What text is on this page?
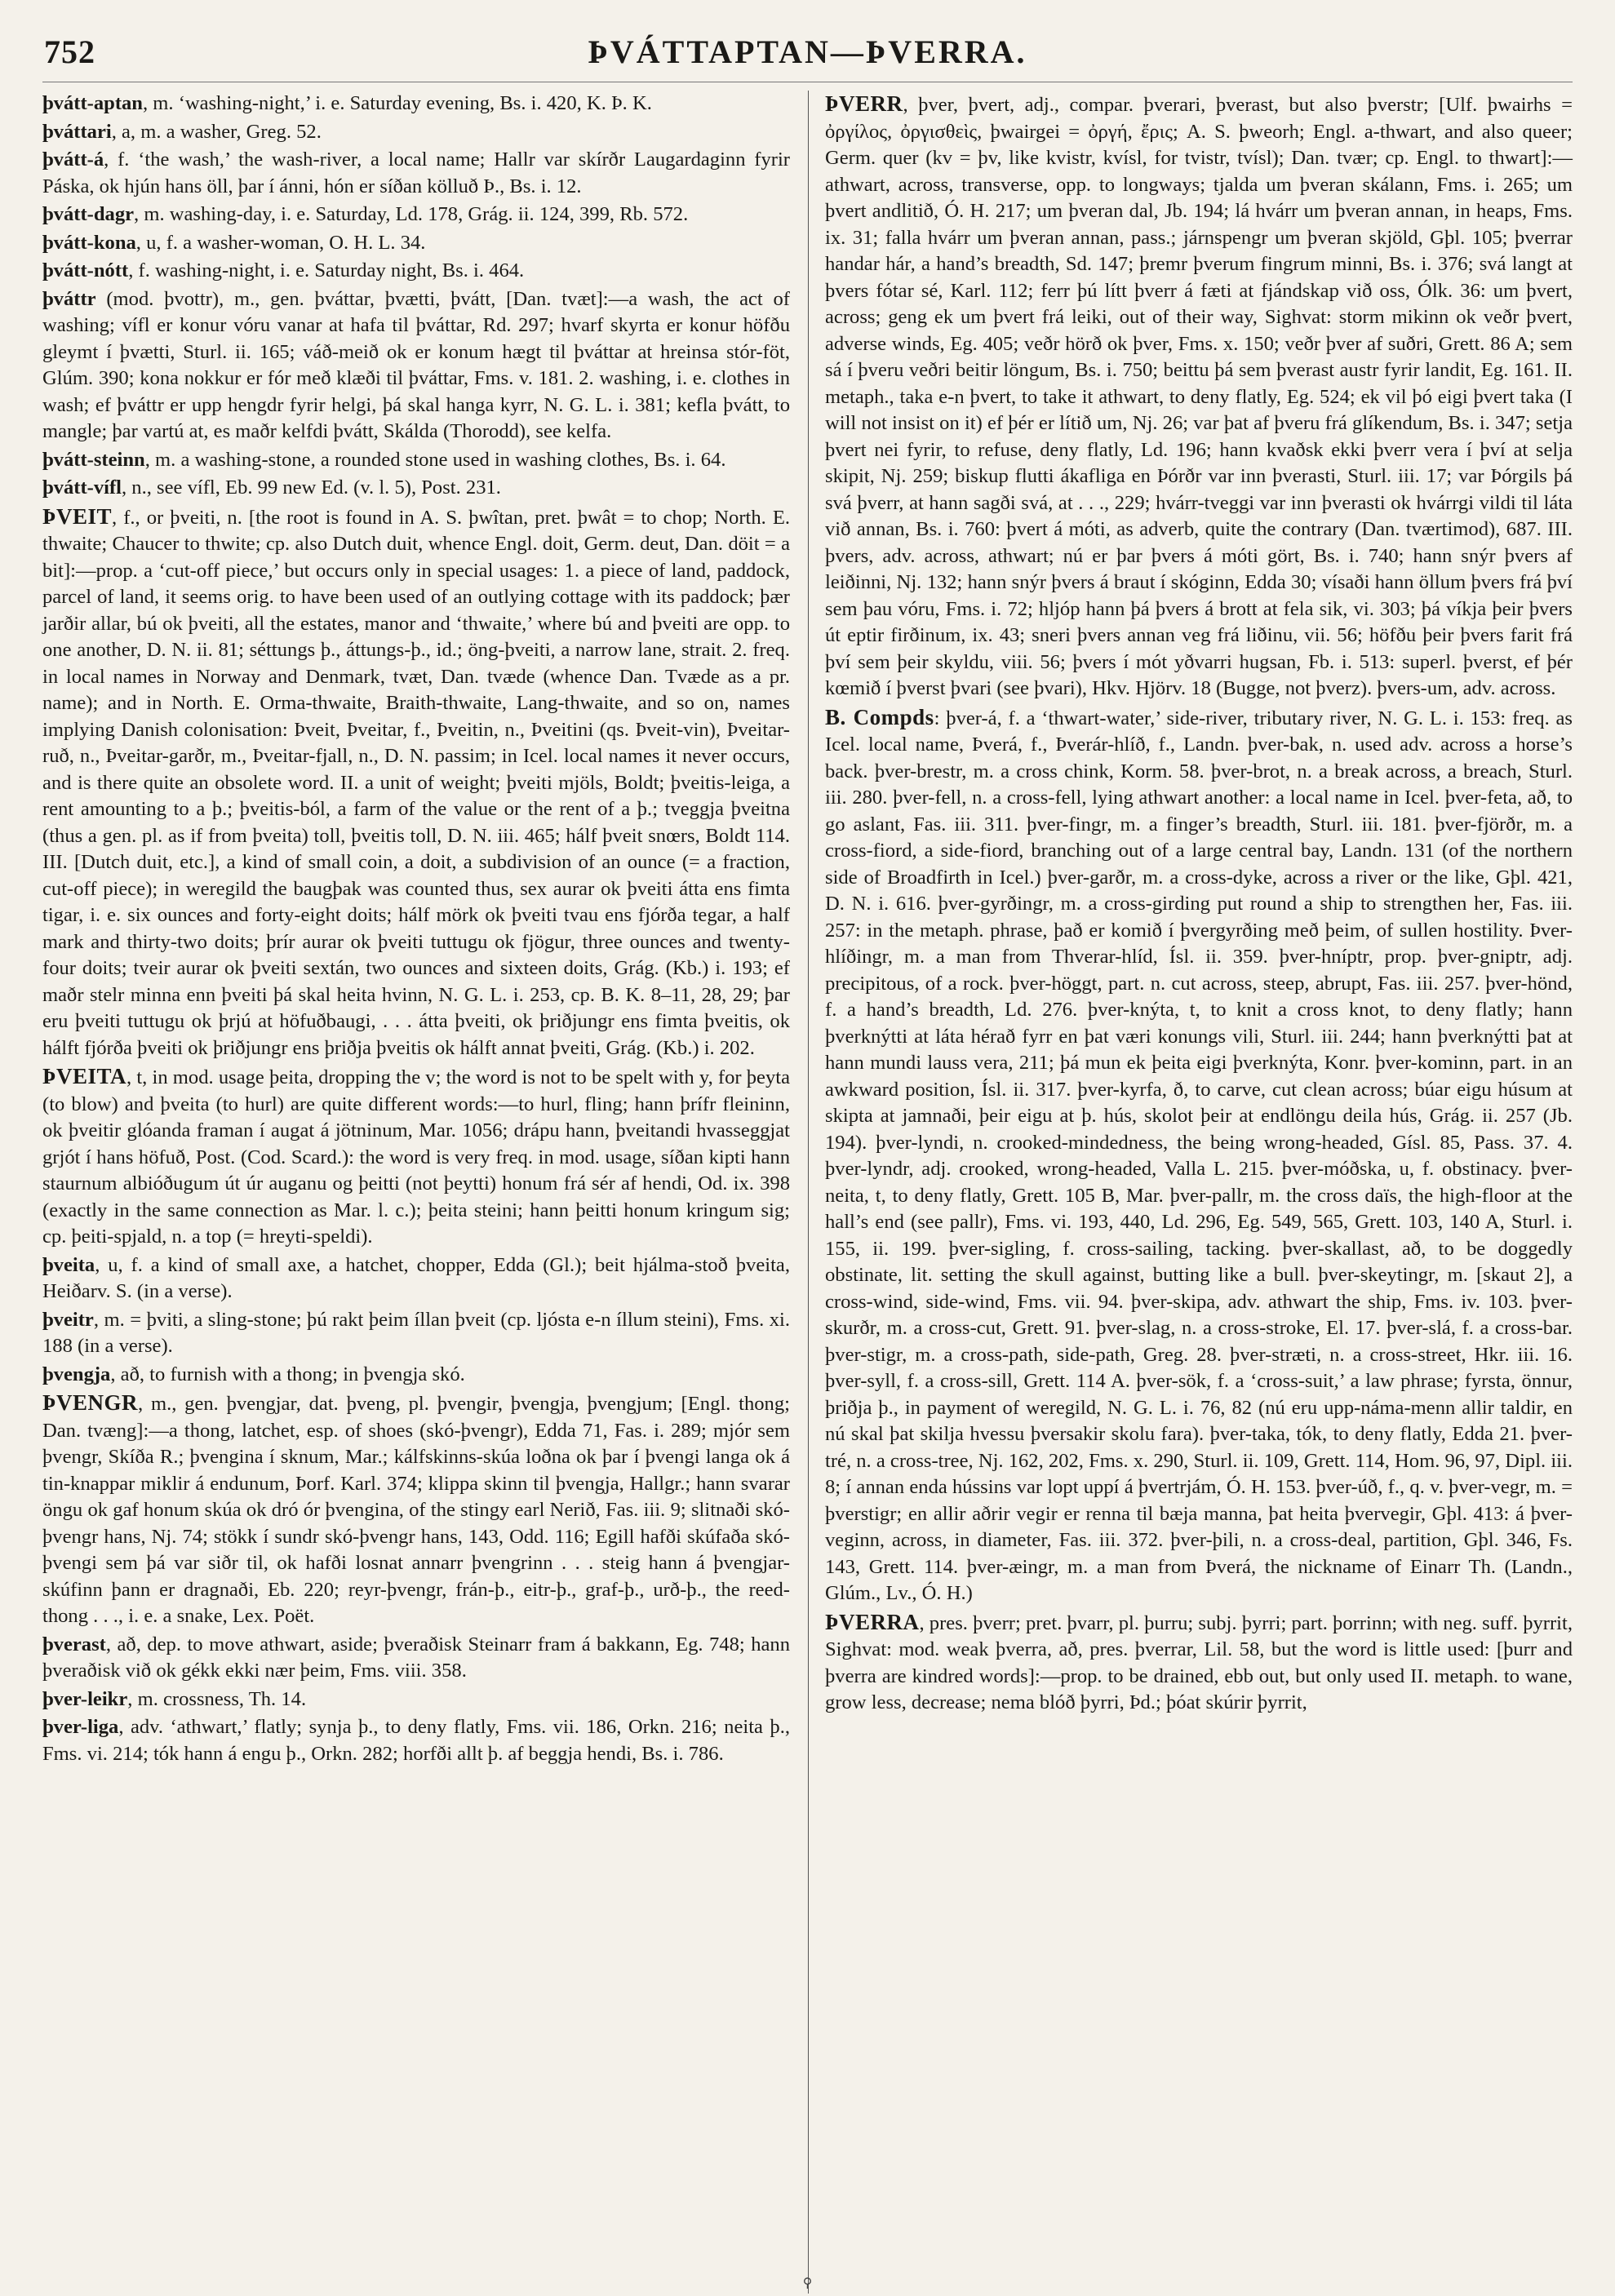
752	ÞVÁTTAPTAN—ÞVERRA.
þvátt-aptan, m. ‘washing-night,’ i. e. Saturday evening, Bs. i. 420, K. Þ. K.
þváttari, a, m. a washer, Greg. 52.
þvátt-á, f. ‘the wash,’ the wash-river, a local name; Hallr var skírðr Laugardaginn fyrir Páska, ok hjún hans öll, þar í ánni, hón er síðan kölluð Þ., Bs. i. 12.
þvátt-dagr, m. washing-day, i. e. Saturday, Ld. 178, Grág. ii. 124, 399, Rb. 572.
þvátt-kona, u, f. a washer-woman, O. H. L. 34.
þvátt-nótt, f. washing-night, i. e. Saturday night, Bs. i. 464.
þváttr (mod. þvottr), m., gen. þváttar, þvætti, þvátt, [Dan. tvæt]:—a wash, the act of washing; vífl er konur vóru vanar at hafa til þváttar, Rd. 297; hvarf skyrta er konur höfðu gleymt í þvætti, Sturl. ii. 165; váð-meið ok er konum hægt til þváttar at hreinsa stór-föt, Glúm. 390; kona nokkur er fór með klæði til þváttar, Fms. v. 181. 2. washing, i. e. clothes in wash; ef þváttr er upp hengdr fyrir helgi, þá skal hanga kyrr, N. G. L. i. 381; kefla þvátt, to mangle; þar vartú at, es maðr kelfdi þvátt, Skálda (Thorodd), see kelfa.
þvátt-steinn, m. a washing-stone, a rounded stone used in washing clothes, Bs. i. 64.
þvátt-vífl, n., see vífl, Eb. 99 new Ed. (v. l. 5), Post. 231.
ÞVEIT, f., or þveiti, n. [the root is found in A. S. þwîtan, pret. þwât = to chop; North. E. thwaite; Chaucer to thwite; cp. also Dutch duit, whence Engl. doit, Germ. deut, Dan. döit = a bit]:—prop. a ‘cut-off piece,’ but occurs only in special usages: 1. a piece of land, paddock, parcel of land, it seems orig. to have been used of an outlying cottage with its paddock; þær jarðir allar, bú ok þveiti, all the estates, manor and ‘thwaite,’ where bú and þveiti are opp. to one another, D. N. ii. 81; séttungs þ., áttungs-þ., id.; öng-þveiti, a narrow lane, strait. 2. freq. in local names in Norway and Denmark, tvæt, Dan. tvæde (whence Dan. Tvæde as a pr. name); and in North. E. Orma-thwaite, Braith-thwaite, Lang-thwaite, and so on, names implying Danish colonisation: Þveit, Þveitar, f., Þveitin, n., Þveitini (qs. Þveit-vin), Þveitar-ruð, n., Þveitar-garðr, m., Þveitar-fjall, n., D. N. passim; in Icel. local names it never occurs, and is there quite an obsolete word. II. a unit of weight; þveiti mjöls, Boldt; þveitis-leiga, a rent amounting to a þ.; þveitis-ból, a farm of the value or the rent of a þ.; tveggja þveitna (thus a gen. pl. as if from þveita) toll, þveitis toll, D. N. iii. 465; hálf þveit snœrs, Boldt 114. III. [Dutch duit, etc.], a kind of small coin, a doit, a subdivision of an ounce (= a fraction, cut-off piece); in weregild the baugþak was counted thus, sex aurar ok þveiti átta ens fimta tigar, i. e. six ounces and forty-eight doits; hálf mörk ok þveiti tvau ens fjórða tegar, a half mark and thirty-two doits; þrír aurar ok þveiti tuttugu ok fjögur, three ounces and twenty-four doits; tveir aurar ok þveiti sextán, two ounces and sixteen doits, Grág. (Kb.) i. 193; ef maðr stelr minna enn þveiti þá skal heita hvinn, N. G. L. i. 253, cp. B. K. 8–11, 28, 29; þar eru þveiti tuttugu ok þrjú at höfuðbaugi, . . . átta þveiti, ok þriðjungr ens fimta þveitis, ok hálft fjórða þveiti ok þriðjungr ens þriðja þveitis ok hálft annat þveiti, Grág. (Kb.) i. 202.
ÞVEITA, t, in mod. usage þeita, dropping the v; the word is not to be spelt with y, for þeyta (to blow) and þveita (to hurl) are quite different words:—to hurl, fling; hann þrífr fleininn, ok þveitir glóanda framan í augat á jötninum, Mar. 1056; drápu hann, þveitandi hvasseggjat grjót í hans höfuð, Post. (Cod. Scard.): the word is very freq. in mod. usage, síðan kipti hann staurnum albióðugum út úr auganu og þeitti (not þeytti) honum frá sér af hendi, Od. ix. 398 (exactly in the same connection as Mar. l. c.); þeita steini; hann þeitti honum kringum sig; cp. þeiti-spjald, n. a top (= hreyti-speldi).
þveita, u, f. a kind of small axe, a hatchet, chopper, Edda (Gl.); beit hjálma-stoð þveita, Heiðarv. S. (in a verse).
þveitr, m. = þviti, a sling-stone; þú rakt þeim íllan þveit (cp. ljósta e-n íllum steini), Fms. xi. 188 (in a verse).
þvengja, að, to furnish with a thong; in þvengja skó.
ÞVENGR, m., gen. þvengjar, dat. þveng, pl. þvengir, þvengja, þvengjum; [Engl. thong; Dan. tvæng]:—a thong, latchet, esp. of shoes (skó-þvengr), Edda 71, Fas. i. 289; mjór sem þvengr, Skíða R.; þvengina í sknum, Mar.; kálfskinns-skúa loðna ok þar í þvengi langa ok á tin-knappar miklir á endunum, Þorf. Karl. 374; klippa skinn til þvengja, Hallgr.; hann svarar öngu ok gaf honum skúa ok dró ór þvengina, of the stingy earl Nerið, Fas. iii. 9; slitnaði skó-þvengr hans, Nj. 74; stökk í sundr skó-þvengr hans, 143, Odd. 116; Egill hafði skúfaða skó-þvengi sem þá var siðr til, ok hafði losnat annarr þvengrinn . . . steig hann á þvengjar-skúfinn þann er dragnaði, Eb. 220; reyr-þvengr, frán-þ., eitr-þ., graf-þ., urð-þ., the reed-thong . . ., i. e. a snake, Lex. Poët.
þverast, að, dep. to move athwart, aside; þveraðisk Steinarr fram á bakkann, Eg. 748; hann þveraðisk við ok gékk ekki nær þeim, Fms. viii. 358.
þver-leikr, m. crossness, Th. 14.
þver-liga, adv. ‘athwart,’ flatly; synja þ., to deny flatly, Fms. vii. 186, Orkn. 216; neita þ., Fms. vi. 214; tók hann á engu þ., Orkn. 282; horfði allt þ. af beggja hendi, Bs. i. 786.
⚲
ÞVERR, þver, þvert, adj., compar. þverari, þverast, but also þverstr; [Ulf. þwairhs = ὀργίλος, ὀργισθεὶς, þwairgei = ὀργή, ἔρις; A. S. þweorh; Engl. a-thwart, and also queer; Germ. quer (kv = þv, like kvistr, kvísl, for tvistr, tvísl); Dan. tvær; cp. Engl. to thwart]:—athwart, across, transverse, opp. to longways; tjalda um þveran skálann, Fms. i. 265; um þvert andlitið, Ó. H. 217; um þveran dal, Jb. 194; lá hvárr um þveran annan, in heaps, Fms. ix. 31; falla hvárr um þveran annan, pass.; járnspengr um þveran skjöld, Gþl. 105; þverrar handar hár, a hand’s breadth, Sd. 147; þremr þverum fingrum minni, Bs. i. 376; svá langt at þvers fótar sé, Karl. 112; ferr þú lítt þverr á fæti at fjándskap við oss, Ólk. 36: um þvert, across; geng ek um þvert frá leiki, out of their way, Sighvat: storm mikinn ok veðr þvert, adverse winds, Eg. 405; veðr hörð ok þver, Fms. x. 150; veðr þver af suðri, Grett. 86 A; sem sá í þveru veðri beitir löngum, Bs. i. 750; beittu þá sem þverast austr fyrir landit, Eg. 161. II. metaph., taka e-n þvert, to take it athwart, to deny flatly, Eg. 524; ek vil þó eigi þvert taka (I will not insist on it) ef þér er lítið um, Nj. 26; var þat af þveru frá glíkendum, Bs. i. 347; setja þvert nei fyrir, to refuse, deny flatly, Ld. 196; hann kvaðsk ekki þverr vera í því at selja skipit, Nj. 259; biskup flutti ákafliga en Þórðr var inn þverasti, Sturl. iii. 17; var Þórgils þá svá þverr, at hann sagði svá, at . . ., 229; hvárr-tveggi var inn þverasti ok hvárrgi vildi til láta við annan, Bs. i. 760: þvert á móti, as adverb, quite the contrary (Dan. tværtimod), 687. III. þvers, adv. across, athwart; nú er þar þvers á móti gört, Bs. i. 740; hann snýr þvers af leiðinni, Nj. 132; hann snýr þvers á braut í skóginn, Edda 30; vísaði hann öllum þvers frá því sem þau vóru, Fms. i. 72; hljóp hann þá þvers á brott at fela sik, vi. 303; þá víkja þeir þvers út eptir firðinum, ix. 43; sneri þvers annan veg frá liðinu, vii. 56; höfðu þeir þvers farit frá því sem þeir skyldu, viii. 56; þvers í mót yðvarri hugsan, Fb. i. 513: superl. þverst, ef þér kœmið í þverst þvari (see þvari), Hkv. Hjörv. 18 (Bugge, not þverz). þvers-um, adv. across.
B. Compds: þver-á, f. a ‘thwart-water,’ side-river, tributary river, N. G. L. i. 153: freq. as Icel. local name, Þverá, f., Þverár-hlíð, f., Landn. þver-bak, n. used adv. across a horse’s back. þver-brestr, m. a cross chink, Korm. 58. þver-brot, n. a break across, a breach, Sturl. iii. 280. þver-fell, n. a cross-fell, lying athwart another: a local name in Icel. þver-feta, að, to go aslant, Fas. iii. 311. þver-fingr, m. a finger’s breadth, Sturl. iii. 181. þver-fjörðr, m. a cross-fiord, a side-fiord, branching out of a large central bay, Landn. 131 (of the northern side of Broadfirth in Icel.) þver-garðr, m. a cross-dyke, across a river or the like, Gþl. 421, D. N. i. 616. þver-gyrðingr, m. a cross-girding put round a ship to strengthen her, Fas. iii. 257: in the metaph. phrase, það er komið í þvergyrðing með þeim, of sullen hostility. Þver-hlíðingr, m. a man from Thverar-hlíd, Ísl. ii. 359. þver-hníptr, prop. þver-gniptr, adj. precipitous, of a rock. þver-höggt, part. n. cut across, steep, abrupt, Fas. iii. 257. þver-hönd, f. a hand’s breadth, Ld. 276. þver-knýta, t, to knit a cross knot, to deny flatly; hann þverknýtti at láta hérað fyrr en þat væri konungs vili, Sturl. iii. 244; hann þverknýtti þat at hann mundi lauss vera, 211; þá mun ek þeita eigi þverknýta, Konr. þver-kominn, part. in an awkward position, Ísl. ii. 317. þver-kyrfa, ð, to carve, cut clean across; búar eigu húsum at skipta at jamnaði, þeir eigu at þ. hús, skolot þeir at endlöngu deila hús, Grág. ii. 257 (Jb. 194). þver-lyndi, n. crooked-mindedness, the being wrong-headed, Gísl. 85, Pass. 37. 4. þver-lyndr, adj. crooked, wrong-headed, Valla L. 215. þver-móðska, u, f. obstinacy. þver-neita, t, to deny flatly, Grett. 105 B, Mar. þver-pallr, m. the cross daïs, the high-floor at the hall’s end (see pallr), Fms. vi. 193, 440, Ld. 296, Eg. 549, 565, Grett. 103, 140 A, Sturl. i. 155, ii. 199. þver-sigling, f. cross-sailing, tacking. þver-skallast, að, to be doggedly obstinate, lit. setting the skull against, butting like a bull. þver-skeytingr, m. [skaut 2], a cross-wind, side-wind, Fms. vii. 94. þver-skipa, adv. athwart the ship, Fms. iv. 103. þver-skurðr, m. a cross-cut, Grett. 91. þver-slag, n. a cross-stroke, El. 17. þver-slá, f. a cross-bar. þver-stigr, m. a cross-path, side-path, Greg. 28. þver-stræti, n. a cross-street, Hkr. iii. 16. þver-syll, f. a cross-sill, Grett. 114 A. þver-sök, f. a ‘cross-suit,’ a law phrase; fyrsta, önnur, þriðja þ., in payment of weregild, N. G. L. i. 76, 82 (nú eru upp-náma-menn allir taldir, en nú skal þat skilja hvessu þversakir skolu fara). þver-taka, tók, to deny flatly, Edda 21. þver-tré, n. a cross-tree, Nj. 162, 202, Fms. x. 290, Sturl. ii. 109, Grett. 114, Hom. 96, 97, Dipl. iii. 8; í annan enda hússins var lopt uppí á þvertrjám, Ó. H. 153. þver-úð, f., q. v. þver-vegr, m. = þverstigr; en allir aðrir vegir er renna til bæja manna, þat heita þvervegir, Gþl. 413: á þver-veginn, across, in diameter, Fas. iii. 372. þver-þili, n. a cross-deal, partition, Gþl. 346, Fs. 143, Grett. 114. þver-æingr, m. a man from Þverá, the nickname of Einarr Th. (Landn., Glúm., Lv., Ó. H.)
ÞVERRA, pres. þverr; pret. þvarr, pl. þurru; subj. þyrri; part. þorrinn; with neg. suff. þyrrit, Sighvat: mod. weak þverra, að, pres. þverrar, Lil. 58, but the word is little used: [þurr and þverra are kindred words]:—prop. to be drained, ebb out, but only used II. metaph. to wane, grow less, decrease; nema blóð þyrri, Þd.; þóat skúrir þyrrit,
